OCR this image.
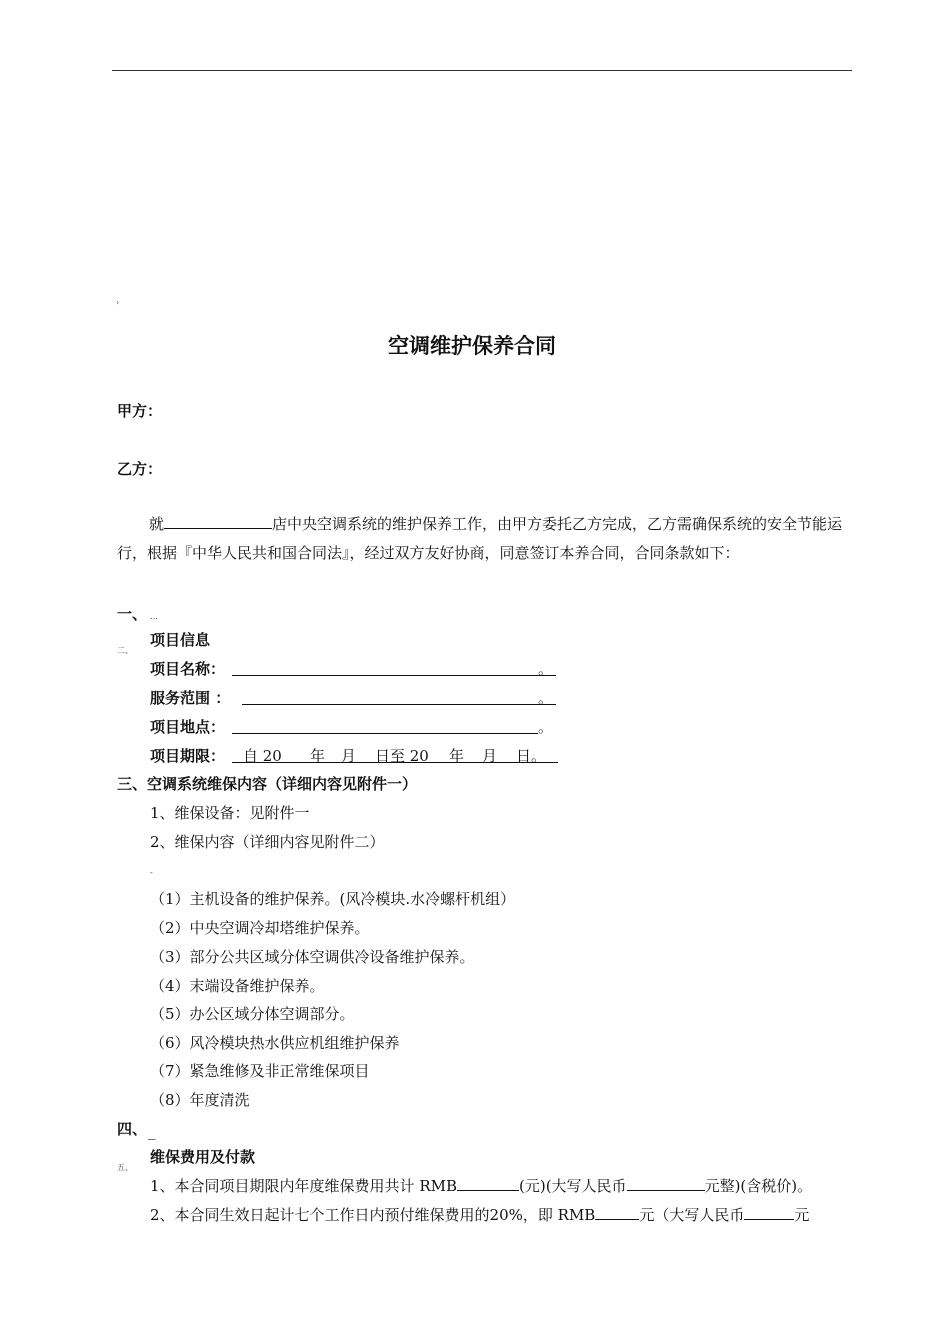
›
空调维护保养合同
甲方：
乙方：
就	店中央空调系统的维护保养工作，由甲方委托乙方完成，乙方需确保系统的安全节能运行，根据『中华人民共和国合同法』，经过双方友好协商，同意签订本养合同，合同条款如下：
一、 …
二、
项目信息
项目名称：	。
服务范围 ：	。
项目地点：	。
项目期限： 自 20 年 月 日至 20 年 月 日。
三、空调系统维保内容（详细内容见附件一）
1、维保设备：见附件一
2、维保内容（详细内容见附件二）
-
（1）主机设备的维护保养。(风冷模块.水冷螺杆机组）
（2）中央空调冷却塔维护保养。
（3）部分公共区域分体空调供冷设备维护保养。
（4）末端设备维护保养。
（5）办公区域分体空调部分。
（6）风冷模块热水供应机组维护保养
（7）紧急维修及非正常维保项目
（8）年度清洗
四、 _
五、
维保费用及付款
1、本合同项目期限内年度维保费用共计 RMB	(元)(大写人民币	元整)(含税价)。
2、本合同生效日起计七个工作日内预付维保费用的20%，即 RMB	元（大写人民币	元
